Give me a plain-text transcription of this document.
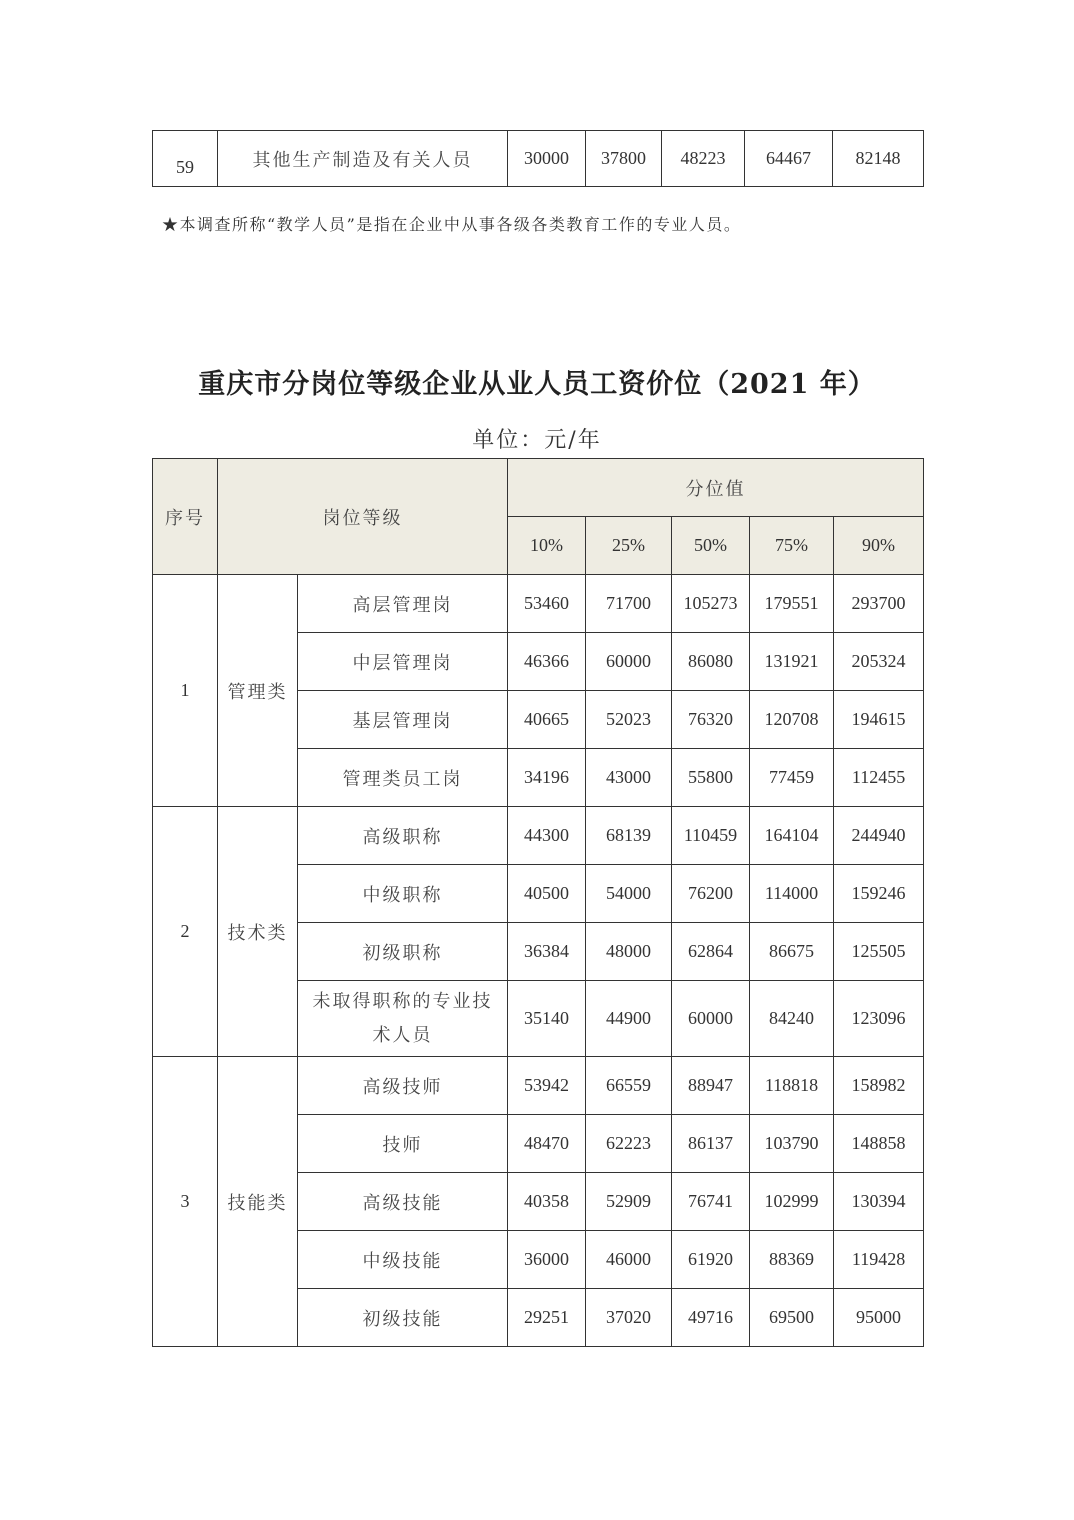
59	其他生产制造及有关人员	30000	37800	48223	64467	82148

★本调查所称“教学人员”是指在企业中从事各级各类教育工作的专业人员。

重庆市分岗位等级企业从业人员工资价位（2021 年）

单位：元/年

序号	岗位等级		分位值				
			10%	25%	50%	75%	90%
1	管理类	高层管理岗	53460	71700	105273	179551	293700
		中层管理岗	46366	60000	86080	131921	205324
		基层管理岗	40665	52023	76320	120708	194615
		管理类员工岗	34196	43000	55800	77459	112455
2	技术类	高级职称	44300	68139	110459	164104	244940
		中级职称	40500	54000	76200	114000	159246
		初级职称	36384	48000	62864	86675	125505

		未取得职称的专业技术人员	35140	44900	60000	84240	123096
3	技能类	高级技师	53942	66559	88947	118818	158982
		技师	48470	62223	86137	103790	148858
		高级技能	40358	52909	76741	102999	130394
		中级技能	36000	46000	61920	88369	119428
		初级技能	29251	37020	49716	69500	95000
